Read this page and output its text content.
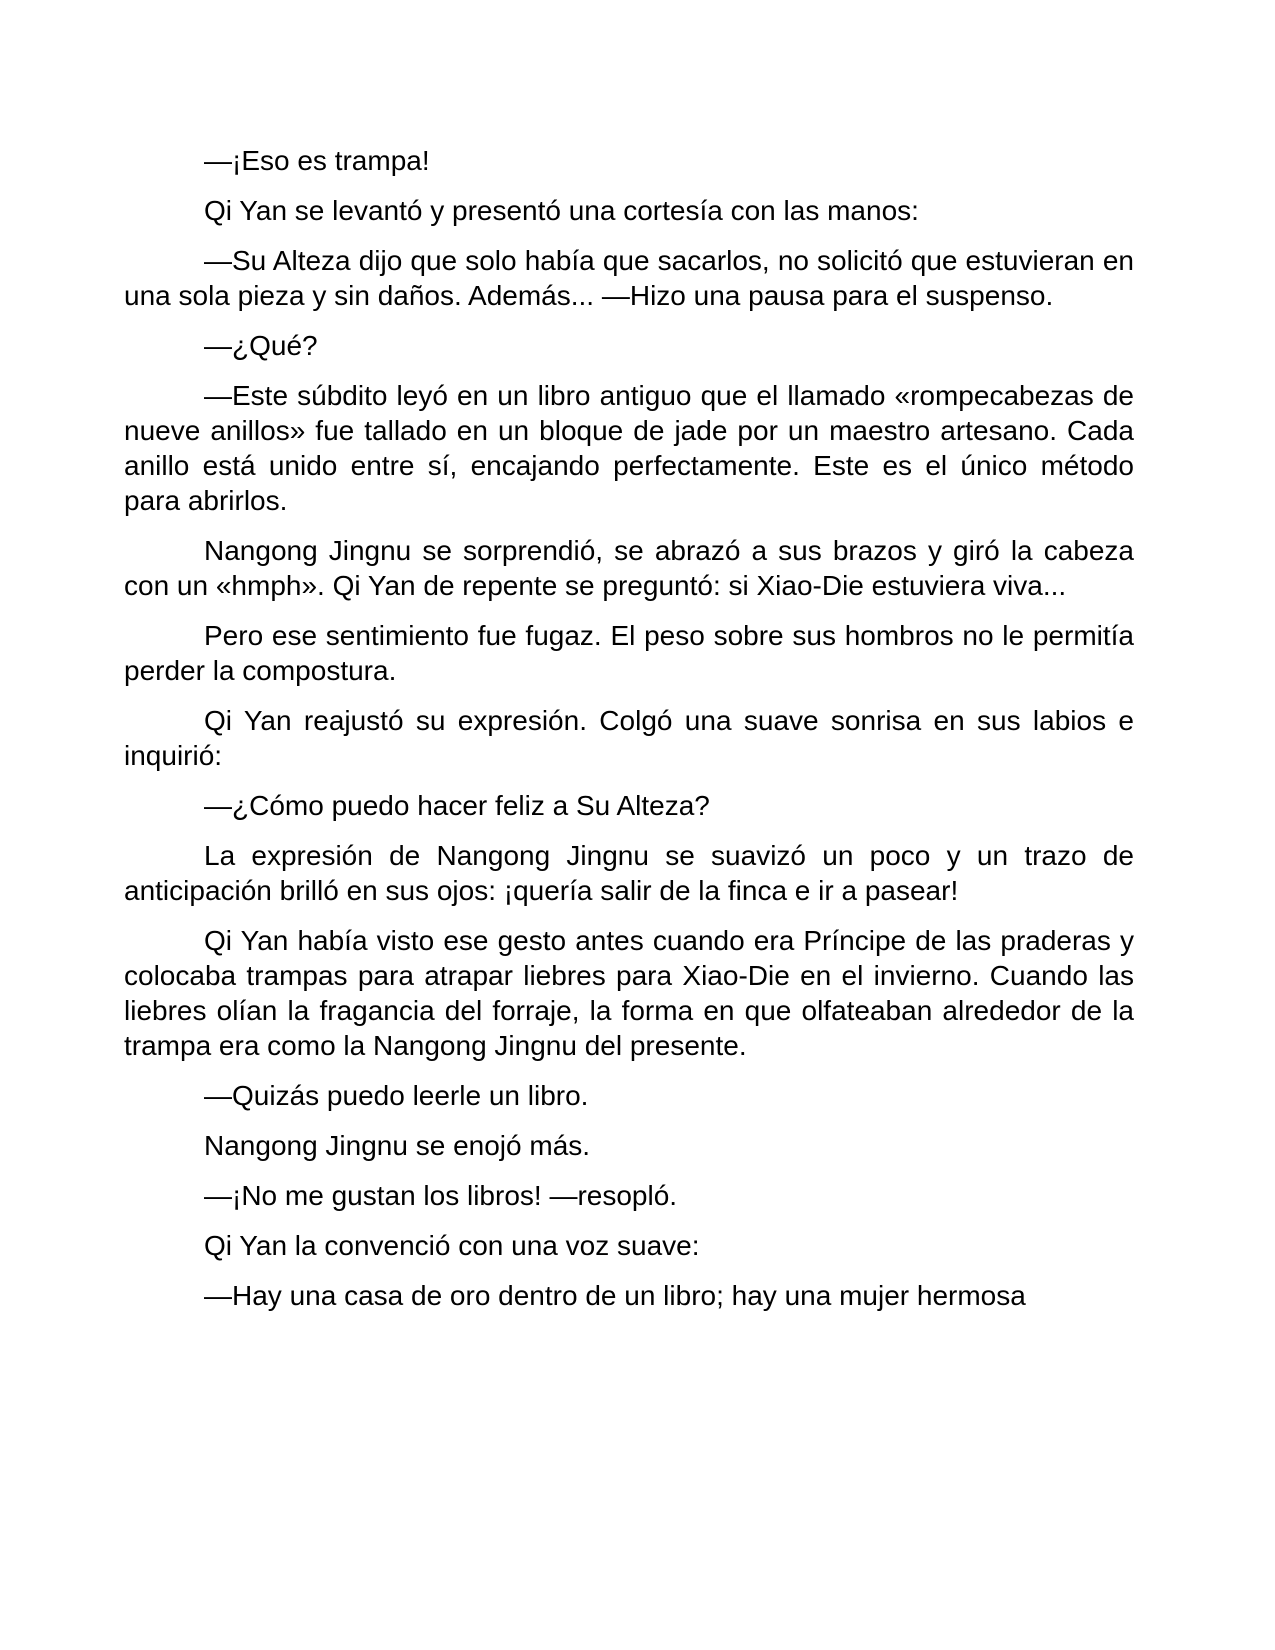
—¡Eso es trampa!

Qi Yan se levantó y presentó una cortesía con las manos:

—Su Alteza dijo que solo había que sacarlos, no solicitó que estuvieran en una sola pieza y sin daños. Además... —Hizo una pausa para el suspenso.

—¿Qué?

—Este súbdito leyó en un libro antiguo que el llamado «rompecabezas de nueve anillos» fue tallado en un bloque de jade por un maestro artesano. Cada anillo está unido entre sí, encajando perfectamente. Este es el único método para abrirlos.

Nangong Jingnu se sorprendió, se abrazó a sus brazos y giró la cabeza con un «hmph». Qi Yan de repente se preguntó: si Xiao-Die estuviera viva...

Pero ese sentimiento fue fugaz. El peso sobre sus hombros no le permitía perder la compostura.

Qi Yan reajustó su expresión. Colgó una suave sonrisa en sus labios e inquirió:

—¿Cómo puedo hacer feliz a Su Alteza?

La expresión de Nangong Jingnu se suavizó un poco y un trazo de anticipación brilló en sus ojos: ¡quería salir de la finca e ir a pasear!

Qi Yan había visto ese gesto antes cuando era Príncipe de las praderas y colocaba trampas para atrapar liebres para Xiao-Die en el invierno. Cuando las liebres olían la fragancia del forraje, la forma en que olfateaban alrededor de la trampa era como la Nangong Jingnu del presente.

—Quizás puedo leerle un libro.

Nangong Jingnu se enojó más.

—¡No me gustan los libros! —resopló.

Qi Yan la convenció con una voz suave:

—Hay una casa de oro dentro de un libro; hay una mujer hermosa
